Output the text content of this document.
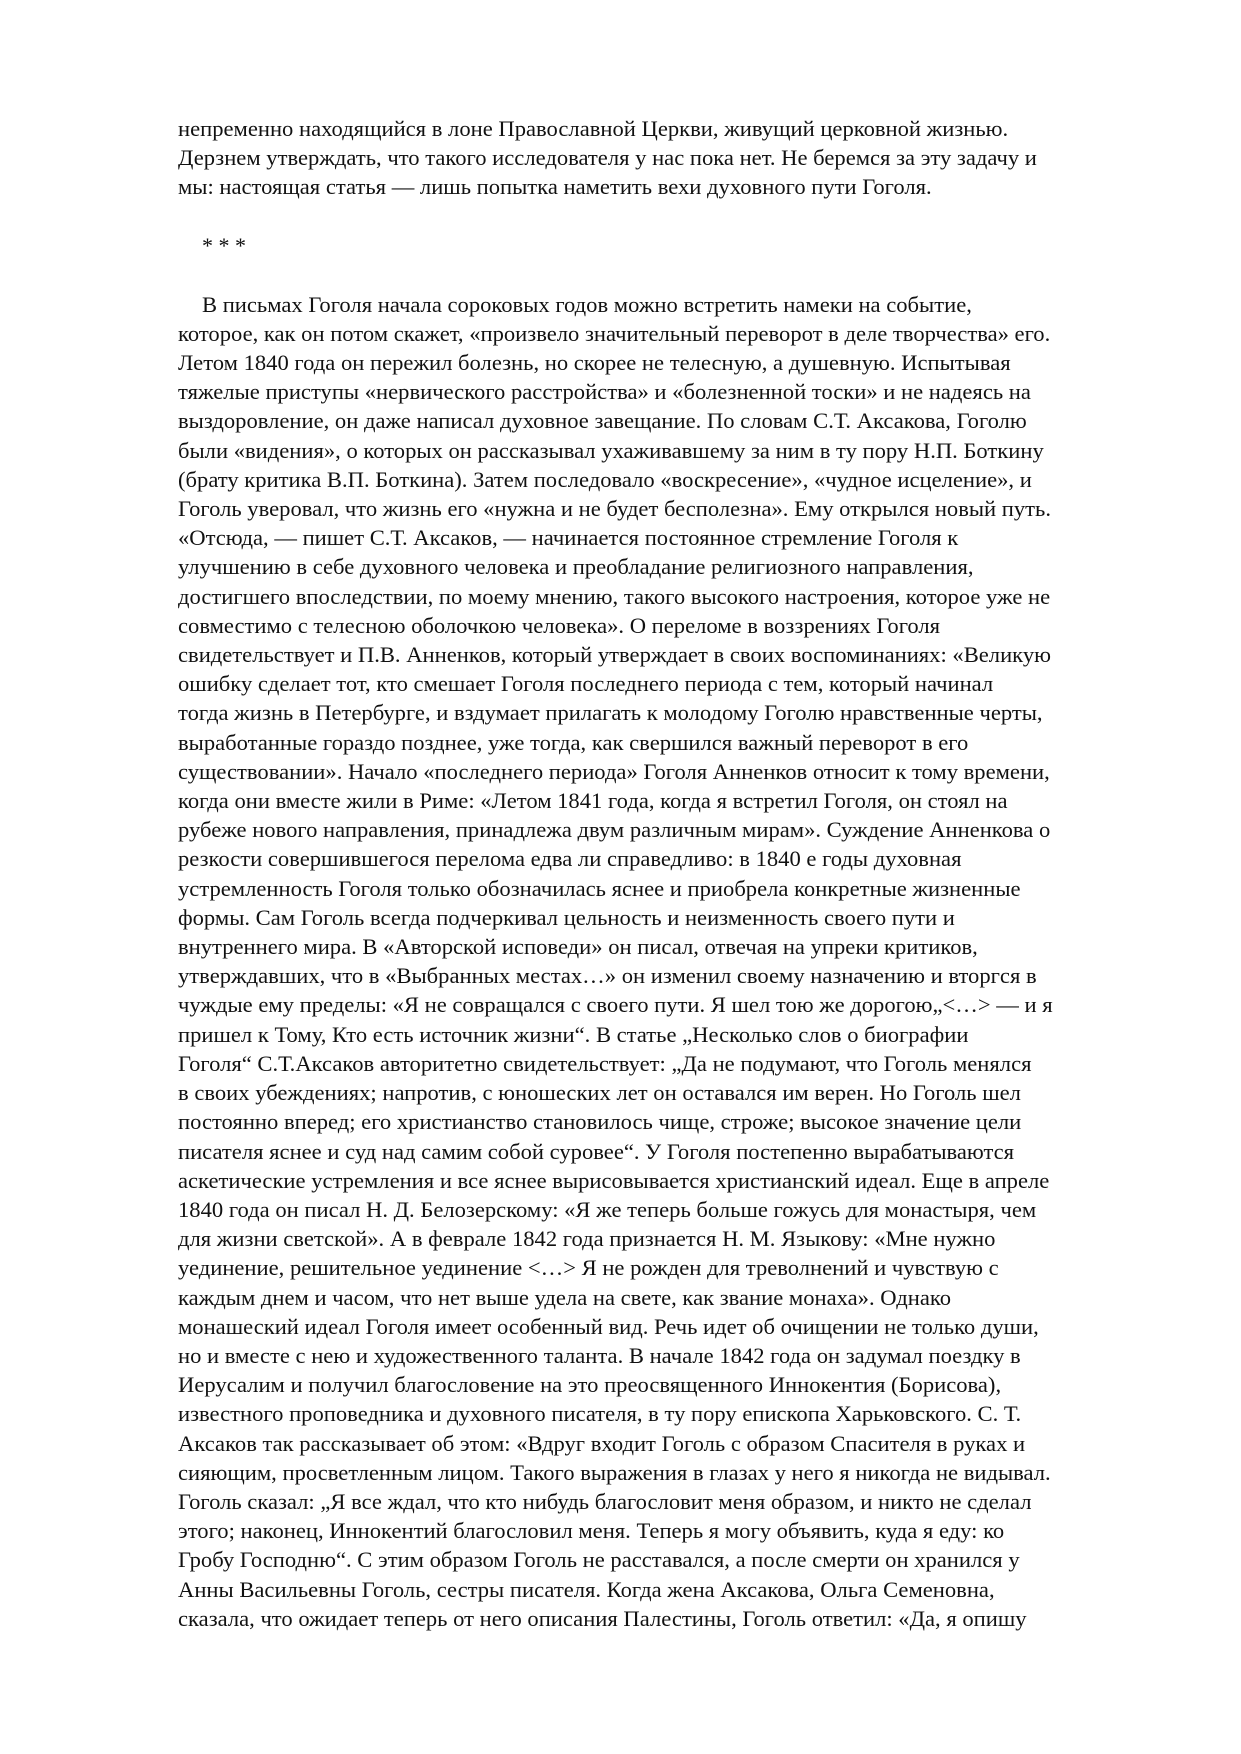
непременно находящийся в лоне Православной Церкви, живущий церковной жизнью.
Дерзнем утверждать, что такого исследователя у нас пока нет. Не беремся за эту задачу и
мы: настоящая статья — лишь попытка наметить вехи духовного пути Гоголя.

* * *

В письмах Гоголя начала сороковых годов можно встретить намеки на событие,
которое, как он потом скажет, «произвело значительный переворот в деле творчества» его.
Летом 1840 года он пережил болезнь, но скорее не телесную, а душевную. Испытывая
тяжелые приступы «нервического расстройства» и «болезненной тоски» и не надеясь на
выздоровление, он даже написал духовное завещание. По словам С.Т. Аксакова, Гоголю
были «видения», о которых он рассказывал ухаживавшему за ним в ту пору Н.П. Боткину
(брату критика В.П. Боткина). Затем последовало «воскресение», «чудное исцеление», и
Гоголь уверовал, что жизнь его «нужна и не будет бесполезна». Ему открылся новый путь.
«Отсюда, — пишет С.Т. Аксаков, — начинается постоянное стремление Гоголя к
улучшению в себе духовного человека и преобладание религиозного направления,
достигшего впоследствии, по моему мнению, такого высокого настроения, которое уже не
совместимо с телесною оболочкою человека». О переломе в воззрениях Гоголя
свидетельствует и П.В. Анненков, который утверждает в своих воспоминаниях: «Великую
ошибку сделает тот, кто смешает Гоголя последнего периода с тем, который начинал
тогда жизнь в Петербурге, и вздумает прилагать к молодому Гоголю нравственные черты,
выработанные гораздо позднее, уже тогда, как свершился важный переворот в его
существовании». Начало «последнего периода» Гоголя Анненков относит к тому времени,
когда они вместе жили в Риме: «Летом 1841 года, когда я встретил Гоголя, он стоял на
рубеже нового направления, принадлежа двум различным мирам». Суждение Анненкова о
резкости совершившегося перелома едва ли справедливо: в 1840 е годы духовная
устремленность Гоголя только обозначилась яснее и приобрела конкретные жизненные
формы. Сам Гоголь всегда подчеркивал цельность и неизменность своего пути и
внутреннего мира. В «Авторской исповеди» он писал, отвечая на упреки критиков,
утверждавших, что в «Выбранных местах…» он изменил своему назначению и вторгся в
чуждые ему пределы: «Я не совращался с своего пути. Я шел тою же дорогою„<…> — и я
пришел к Тому, Кто есть источник жизни“. В статье „Несколько слов о биографии
Гоголя“ С.Т.Аксаков авторитетно свидетельствует: „Да не подумают, что Гоголь менялся
в своих убеждениях; напротив, с юношеских лет он оставался им верен. Но Гоголь шел
постоянно вперед; его христианство становилось чище, строже; высокое значение цели
писателя яснее и суд над самим собой суровее“. У Гоголя постепенно вырабатываются
аскетические устремления и все яснее вырисовывается христианский идеал. Еще в апреле
1840 года он писал Н. Д. Белозерскому: «Я же теперь больше гожусь для монастыря, чем
для жизни светской». А в феврале 1842 года признается Н. М. Языкову: «Мне нужно
уединение, решительное уединение <…> Я не рожден для треволнений и чувствую с
каждым днем и часом, что нет выше удела на свете, как звание монаха». Однако
монашеский идеал Гоголя имеет особенный вид. Речь идет об очищении не только души,
но и вместе с нею и художественного таланта. В начале 1842 года он задумал поездку в
Иерусалим и получил благословение на это преосвященного Иннокентия (Борисова),
известного проповедника и духовного писателя, в ту пору епископа Харьковского. С. Т.
Аксаков так рассказывает об этом: «Вдруг входит Гоголь с образом Спасителя в руках и
сияющим, просветленным лицом. Такого выражения в глазах у него я никогда не видывал.
Гоголь сказал: „Я все ждал, что кто нибудь благословит меня образом, и никто не сделал
этого; наконец, Иннокентий благословил меня. Теперь я могу объявить, куда я еду: ко
Гробу Господню“. С этим образом Гоголь не расставался, а после смерти он хранился у
Анны Васильевны Гоголь, сестры писателя. Когда жена Аксакова, Ольга Семеновна,
сказала, что ожидает теперь от него описания Палестины, Гоголь ответил: «Да, я опишу
